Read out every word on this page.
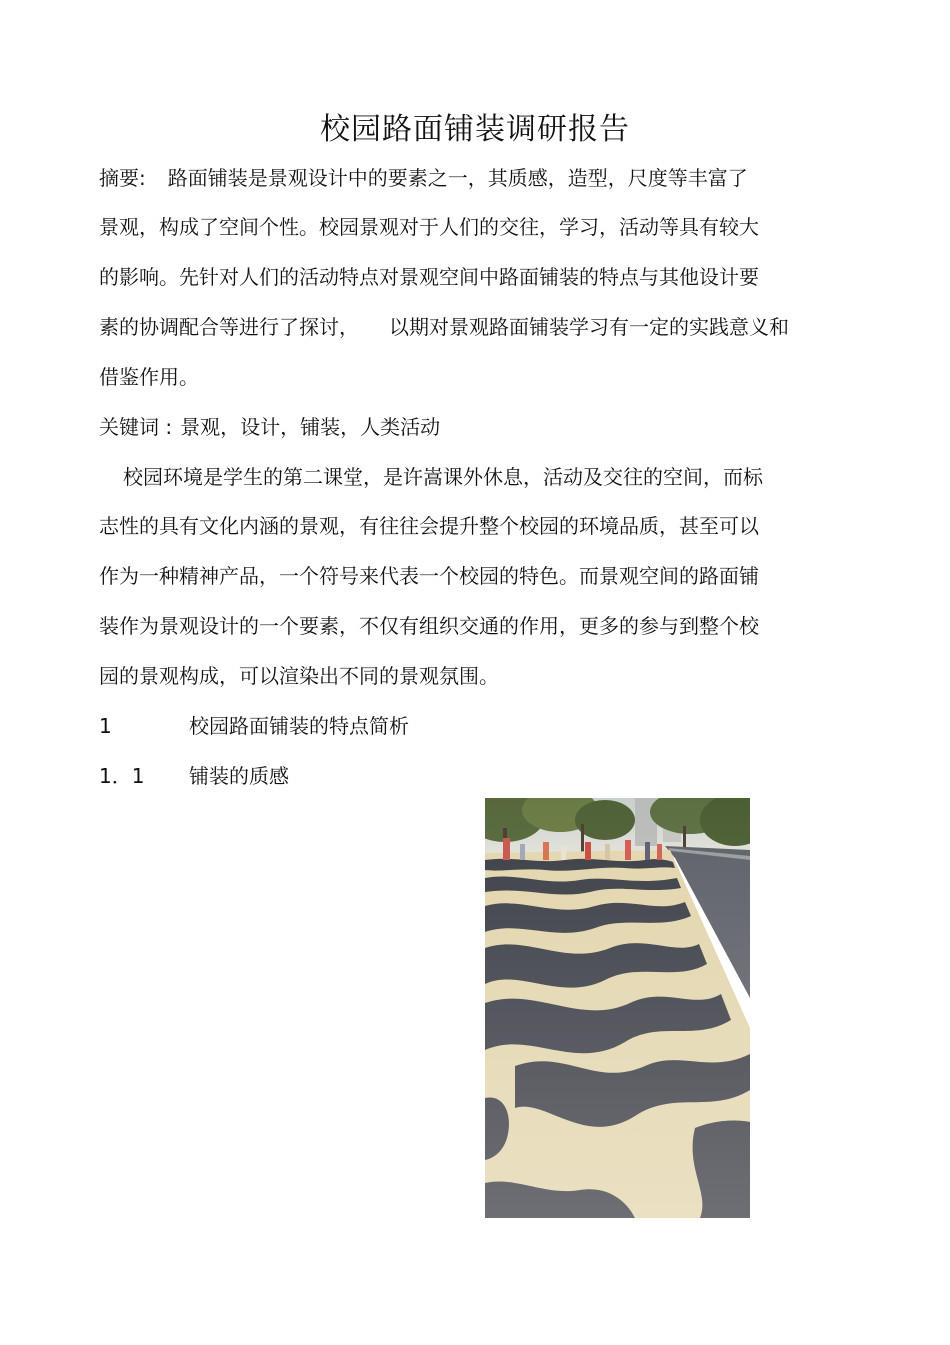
校园路面铺装调研报告
摘要: 路面铺装是景观设计中的要素之一，其质感，造型，尺度等丰富了
景观，构成了空间个性。校园景观对于人们的交往，学习，活动等具有较大
的影响。先针对人们的活动特点对景观空间中路面铺装的特点与其他设计要
素的协调配合等进行了探讨， 以期对景观路面铺装学习有一定的实践意义和
借鉴作用。
关键词 : 景观，设计，铺装，人类活动
校园环境是学生的第二课堂，是许嵩课外休息，活动及交往的空间，而标
志性的具有文化内涵的景观，有往往会提升整个校园的环境品质，甚至可以
作为一种精神产品，一个符号来代表一个校园的特色。而景观空间的路面铺
装作为景观设计的一个要素，不仅有组织交通的作用，更多的参与到整个校
园的景观构成，可以渲染出不同的景观氛围。
1	校园路面铺装的特点简析
1．1 铺装的质感
